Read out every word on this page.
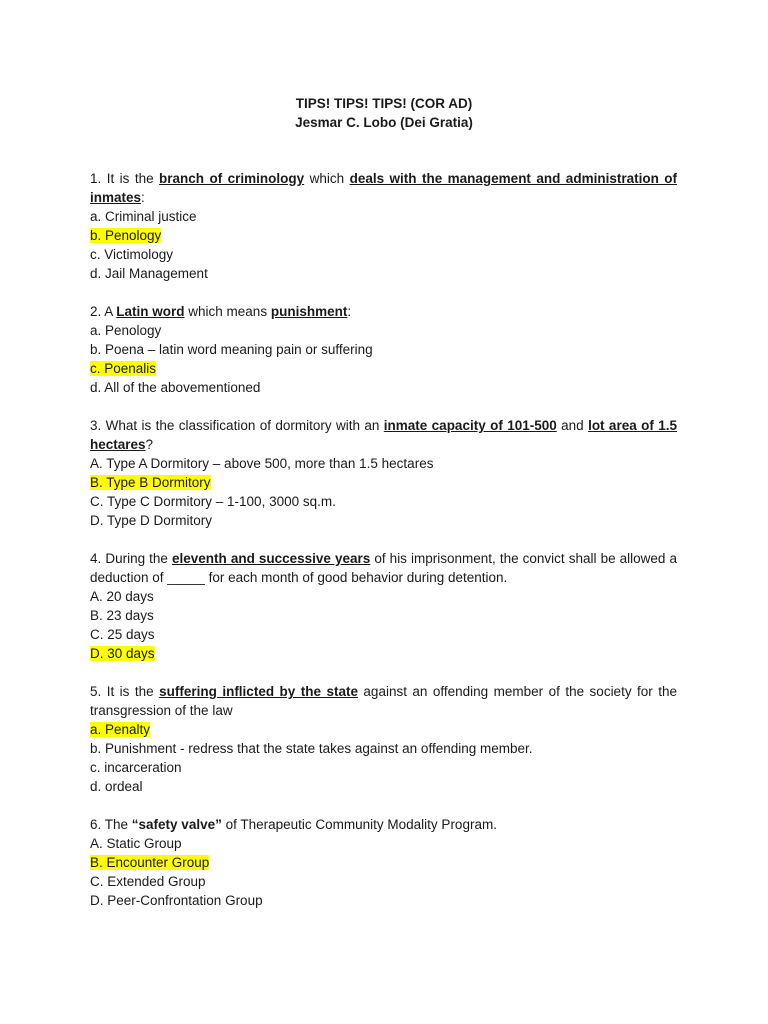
TIPS! TIPS! TIPS! (COR AD)
Jesmar C. Lobo (Dei Gratia)

1. It is the branch of criminology which deals with the management and administration of inmates:

a. Criminal justice
b. Penology
c. Victimology
d. Jail Management

2. A Latin word which means punishment:

a. Penology
b. Poena – latin word meaning pain or suffering
c. Poenalis
d. All of the abovementioned

3. What is the classification of dormitory with an inmate capacity of 101-500 and lot area of 1.5 hectares?

A. Type A Dormitory – above 500, more than 1.5 hectares
B. Type B Dormitory
C. Type C Dormitory – 1-100, 3000 sq.m.
D. Type D Dormitory

4. During the eleventh and successive years of his imprisonment, the convict shall be allowed a deduction of _____ for each month of good behavior during detention.

A. 20 days
B. 23 days
C. 25 days
D. 30 days

5. It is the suffering inflicted by the state against an offending member of the society for the transgression of the law

a. Penalty
b. Punishment - redress that the state takes against an offending member.
c. incarceration
d. ordeal

6. The “safety valve” of Therapeutic Community Modality Program.

A. Static Group
B. Encounter Group
C. Extended Group
D. Peer-Confrontation Group
